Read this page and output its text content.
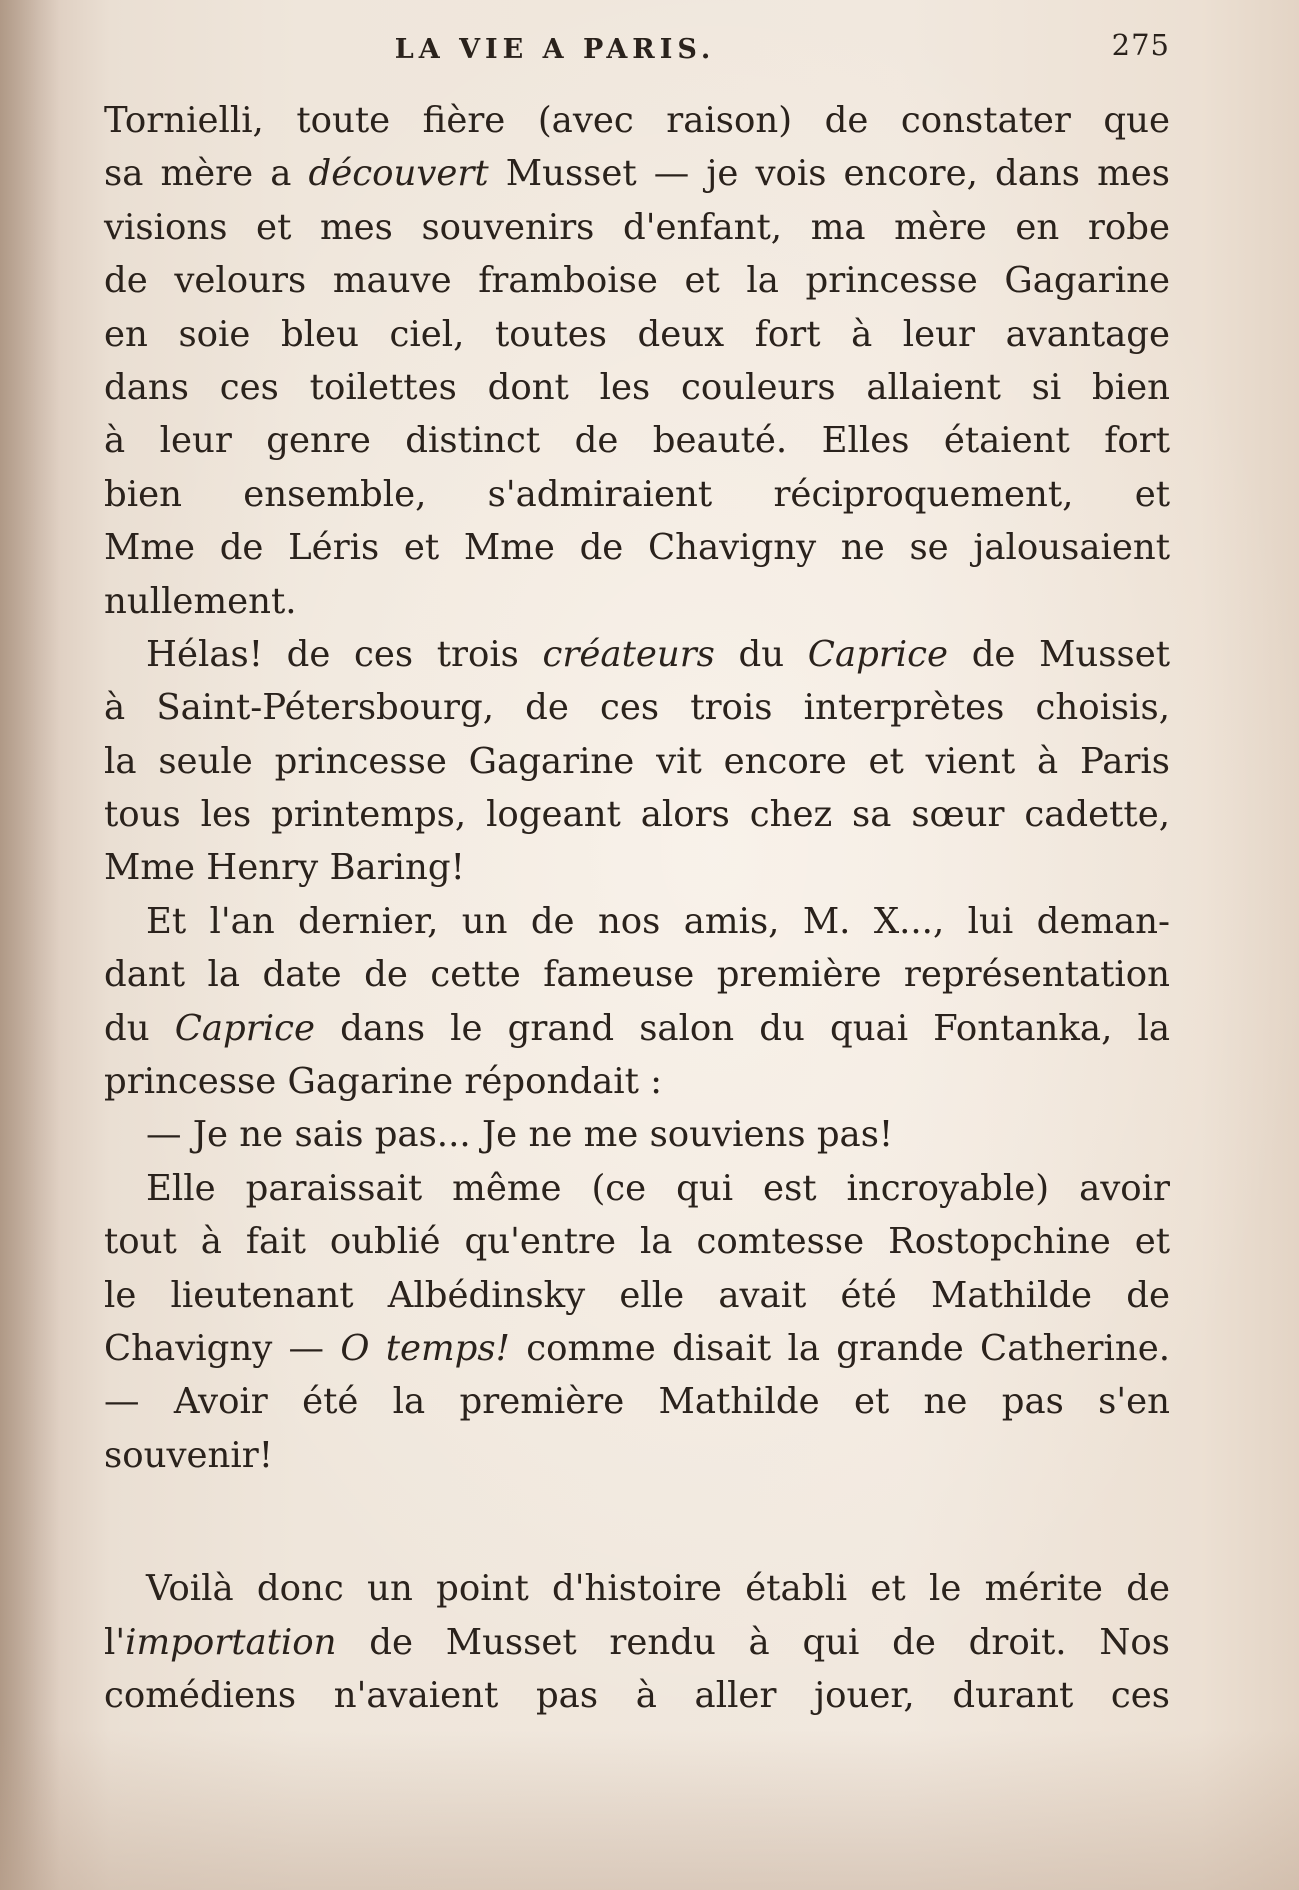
LA VIE A PARIS.	275
Tornielli, toute fière (avec raison) de constater que
sa mère a découvert Musset — je vois encore, dans mes
visions et mes souvenirs d'enfant, ma mère en robe
de velours mauve framboise et la princesse Gagarine
en soie bleu ciel, toutes deux fort à leur avantage
dans ces toilettes dont les couleurs allaient si bien
à leur genre distinct de beauté. Elles étaient fort
bien ensemble, s'admiraient réciproquement, et
Mme de Léris et Mme de Chavigny ne se jalousaient
nullement.
Hélas! de ces trois créateurs du Caprice de Musset
à Saint-Pétersbourg, de ces trois interprètes choisis,
la seule princesse Gagarine vit encore et vient à Paris
tous les printemps, logeant alors chez sa sœur cadette,
Mme Henry Baring!
Et l'an dernier, un de nos amis, M. X..., lui deman-
dant la date de cette fameuse première représentation
du Caprice dans le grand salon du quai Fontanka, la
princesse Gagarine répondait :
— Je ne sais pas... Je ne me souviens pas!
Elle paraissait même (ce qui est incroyable) avoir
tout à fait oublié qu'entre la comtesse Rostopchine et
le lieutenant Albédinsky elle avait été Mathilde de
Chavigny — O temps! comme disait la grande Catherine.
— Avoir été la première Mathilde et ne pas s'en
souvenir!
Voilà donc un point d'histoire établi et le mérite de
l'importation de Musset rendu à qui de droit. Nos
comédiens n'avaient pas à aller jouer, durant ces
